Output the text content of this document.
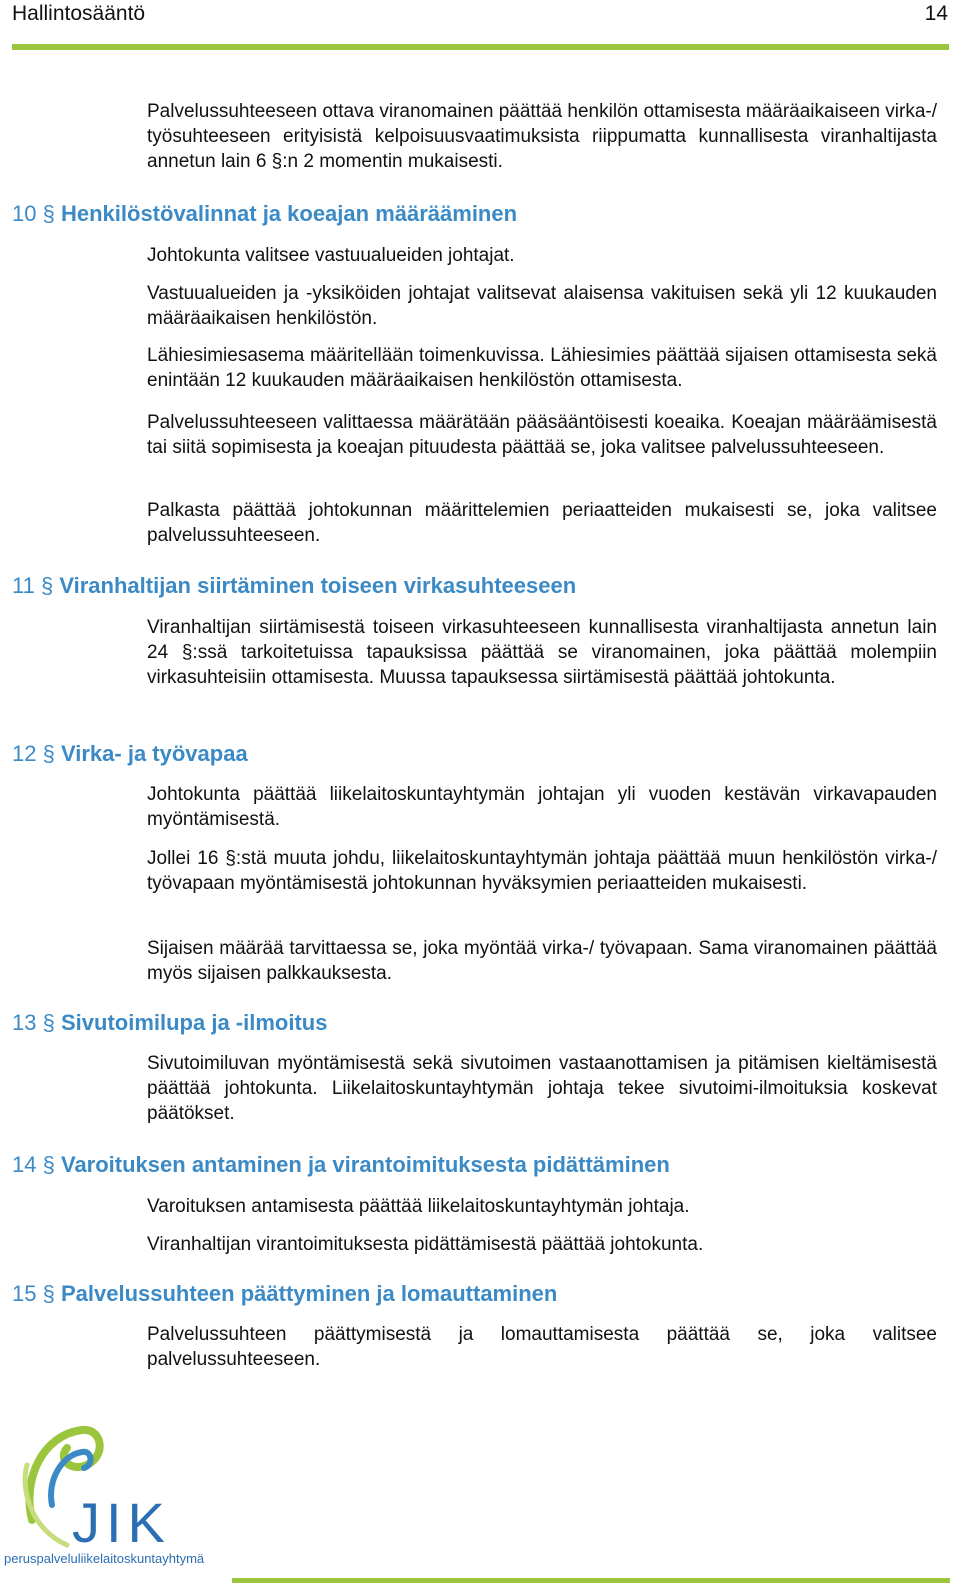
Hallintosääntö	14

Palvelussuhteeseen ottava viranomainen päättää henkilön ottamisesta määräaikaiseen virka-/ työsuhteeseen erityisistä kelpoisuusvaatimuksista riippumatta kunnallisesta viranhaltijasta annetun lain 6 §:n 2 momentin mukaisesti.

10 § Henkilöstövalinnat ja koeajan määrääminen

Johtokunta valitsee vastuualueiden johtajat.

Vastuualueiden ja -yksiköiden johtajat valitsevat alaisensa vakituisen sekä yli 12 kuukauden määräaikaisen henkilöstön.

Lähiesimiesasema määritellään toimenkuvissa. Lähiesimies päättää sijaisen ottamisesta sekä enintään 12 kuukauden määräaikaisen henkilöstön ottamisesta.

Palvelussuhteeseen valittaessa määrätään pääsääntöisesti koeaika. Koeajan määräämisestä tai siitä sopimisesta ja koeajan pituudesta päättää se, joka valitsee palvelussuhteeseen.

Palkasta päättää johtokunnan määrittelemien periaatteiden mukaisesti se, joka valitsee palvelussuhteeseen.

11 § Viranhaltijan siirtäminen toiseen virkasuhteeseen

Viranhaltijan siirtämisestä toiseen virkasuhteeseen kunnallisesta viranhaltijasta annetun lain 24 §:ssä tarkoitetuissa tapauksissa päättää se viranomainen, joka päättää molempiin virkasuhteisiin ottamisesta. Muussa tapauksessa siirtämisestä päättää johtokunta.

12 § Virka- ja työvapaa

Johtokunta päättää liikelaitoskuntayhtymän johtajan yli vuoden kestävän virkavapauden myöntämisestä.

Jollei 16 §:stä muuta johdu, liikelaitoskuntayhtymän johtaja päättää muun henkilöstön virka-/ työvapaan myöntämisestä johtokunnan hyväksymien periaatteiden mukaisesti.

Sijaisen määrää tarvittaessa se, joka myöntää virka-/ työvapaan. Sama viranomainen päättää myös sijaisen palkkauksesta.

13 § Sivutoimilupa ja -ilmoitus

Sivutoimiluvan myöntämisestä sekä sivutoimen vastaanottamisen ja pitämisen kieltämisestä päättää johtokunta. Liikelaitoskuntayhtymän johtaja tekee sivutoimi-ilmoituksia koskevat päätökset.

14 § Varoituksen antaminen ja virantoimituksesta pidättäminen

Varoituksen antamisesta päättää liikelaitoskuntayhtymän johtaja.

Viranhaltijan virantoimituksesta pidättämisestä päättää johtokunta.

15 § Palvelussuhteen päättyminen ja lomauttaminen

Palvelussuhteen päättymisestä ja lomauttamisesta päättää se, joka valitsee palvelussuhteeseen.

JIK
peruspalveluliikelaitoskuntayhtymä
